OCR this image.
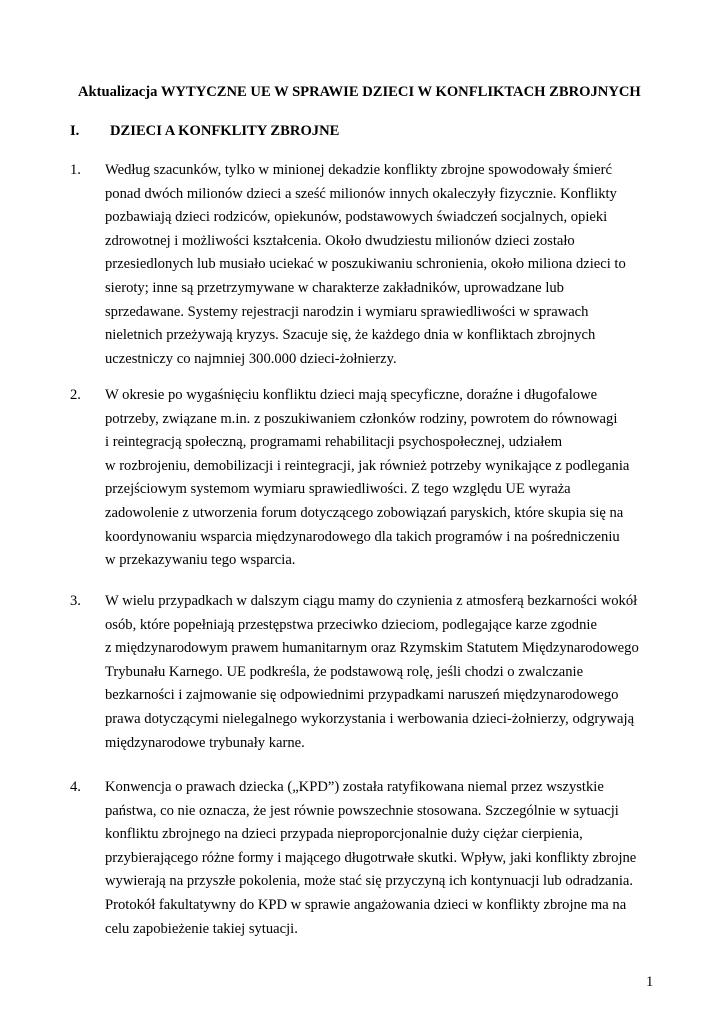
Aktualizacja WYTYCZNE UE W SPRAWIE DZIECI W KONFLIKTACH ZBROJNYCH
I. DZIECI A KONFKLITY ZBROJNE
1. Według szacunków, tylko w minionej dekadzie konflikty zbrojne spowodowały śmierć
ponad dwóch milionów dzieci a sześć milionów innych okaleczyły fizycznie. Konflikty
pozbawiają dzieci rodziców, opiekunów, podstawowych świadczeń socjalnych, opieki
zdrowotnej i możliwości kształcenia. Około dwudziestu milionów dzieci zostało
przesiedlonych lub musiało uciekać w poszukiwaniu schronienia, około miliona dzieci to
sieroty; inne są przetrzymywane w charakterze zakładników, uprowadzane lub
sprzedawane. Systemy rejestracji narodzin i wymiaru sprawiedliwości w sprawach
nieletnich przeżywają kryzys. Szacuje się, że każdego dnia w konfliktach zbrojnych
uczestniczy co najmniej 300.000 dzieci-żołnierzy.
2. W okresie po wygaśnięciu konfliktu dzieci mają specyficzne, doraźne i długofalowe
potrzeby, związane m.in. z poszukiwaniem członków rodziny, powrotem do równowagi
i reintegracją społeczną, programami rehabilitacji psychospołecznej, udziałem
w rozbrojeniu, demobilizacji i reintegracji, jak również potrzeby wynikające z podlegania
przejściowym systemom wymiaru sprawiedliwości. Z tego względu UE wyraża
zadowolenie z utworzenia forum dotyczącego zobowiązań paryskich, które skupia się na
koordynowaniu wsparcia międzynarodowego dla takich programów i na pośredniczeniu
w przekazywaniu tego wsparcia.
3. W wielu przypadkach w dalszym ciągu mamy do czynienia z atmosferą bezkarności wokół
osób, które popełniają przestępstwa przeciwko dzieciom, podlegające karze zgodnie
z międzynarodowym prawem humanitarnym oraz Rzymskim Statutem Międzynarodowego
Trybunału Karnego. UE podkreśla, że podstawową rolę, jeśli chodzi o zwalczanie
bezkarności i zajmowanie się odpowiednimi przypadkami naruszeń międzynarodowego
prawa dotyczącymi nielegalnego wykorzystania i werbowania dzieci-żołnierzy, odgrywają
międzynarodowe trybunały karne.
4. Konwencja o prawach dziecka („KPD”) została ratyfikowana niemal przez wszystkie
państwa, co nie oznacza, że jest równie powszechnie stosowana. Szczególnie w sytuacji
konfliktu zbrojnego na dzieci przypada nieproporcjonalnie duży ciężar cierpienia,
przybierającego różne formy i mającego długotrwałe skutki. Wpływ, jaki konflikty zbrojne
wywierają na przyszłe pokolenia, może stać się przyczyną ich kontynuacji lub odradzania.
Protokół fakultatywny do KPD w sprawie angażowania dzieci w konflikty zbrojne ma na
celu zapobieżenie takiej sytuacji.
1
